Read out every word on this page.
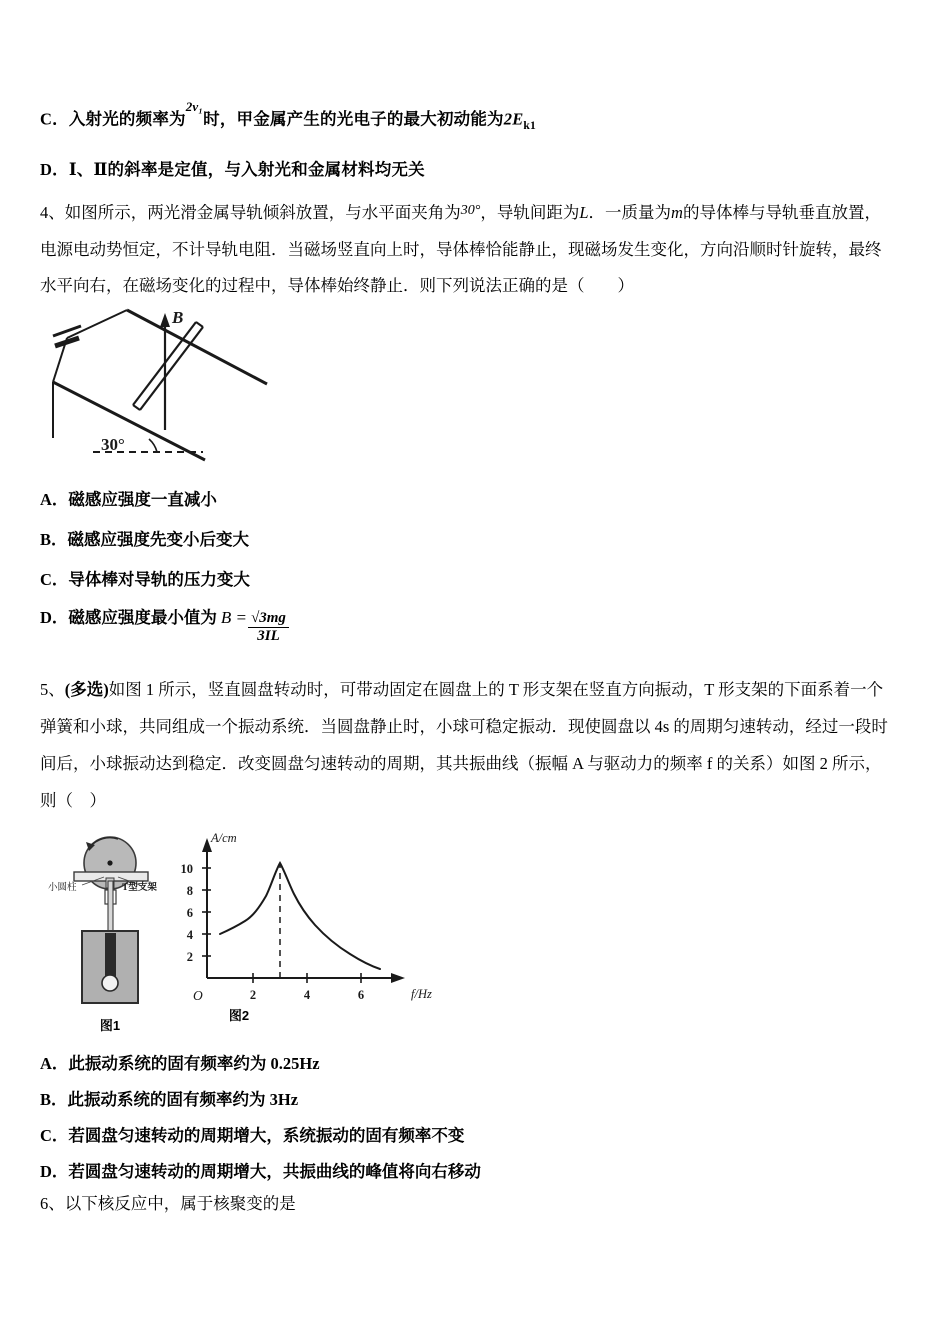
C．入射光的频率为$^{2\nu_1}$时，甲金属产生的光电子的最大初动能为$2E_{k1}$
D．Ⅰ、Ⅱ的斜率是定值，与入射光和金属材料均无关
4、如图所示，两光滑金属导轨倾斜放置，与水平面夹角为$^{30^\circ}$，导轨间距为L．一质量为m的导体棒与导轨垂直放置，
电源电动势恒定，不计导轨电阻．当磁场竖直向上时，导体棒恰能静止，现磁场发生变化，方向沿顺时针旋转，最终
水平向右，在磁场变化的过程中，导体棒始终静止．则下列说法正确的是（　　）
B
30°
A． 磁感应强度一直减小
B． 磁感应强度先变小后变大
C． 导体棒对导轨的压力变大
D． 磁感应强度最小值为 $B = \frac{√3mg}{3IL}$
5、(多选)如图 1 所示，竖直圆盘转动时，可带动固定在圆盘上的 T 形支架在竖直方向振动，T 形支架的下面系着一个
弹簧和小球，共同组成一个振动系统．当圆盘静止时，小球可稳定振动．现使圆盘以 4s 的周期匀速转动，经过一段时
间后，小球振动达到稳定．改变圆盘匀速转动的周期，其共振曲线（振幅 A 与驱动力的频率 f 的关系）如图 2 所示，
则（　）
小圆柱	T型支架
图1
2
4
6
8
10
2	4	6
O
A/cm
f/Hz
图2
A． 此振动系统的固有频率约为 0.25Hz
B． 此振动系统的固有频率约为 3Hz
C． 若圆盘匀速转动的周期增大，系统振动的固有频率不变
D． 若圆盘匀速转动的周期增大，共振曲线的峰值将向右移动
6、以下核反应中，属于核聚变的是
